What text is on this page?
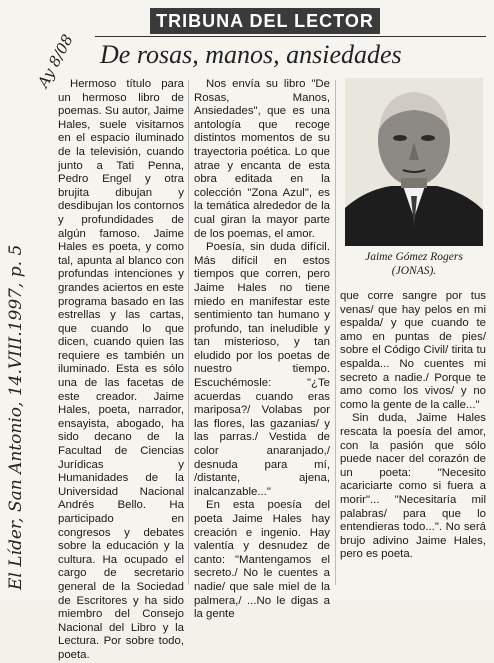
Ay 8/08
El Líder, San Antonio, 14.VIII.1997, p. 5
TRIBUNA DEL LECTOR
De rosas, manos, ansiedades

Hermoso título para un hermoso libro de poemas. Su autor, Jaime Hales, suele visitarnos en el espacio iluminado de la televisión, cuando junto a Tati Penna, Pedro Engel y otra brujita dibujan y desdibujan los contornos y profundidades de algún famoso. Jaime Hales es poeta, y como tal, apunta al blanco con profundas intenciones y grandes aciertos en este programa basado en las estrellas y las cartas, que cuando lo que dicen, cuando quien las requiere es también un iluminado. Esta es sólo una de las facetas de este creador. Jaime Hales, poeta, narrador, ensayista, abogado, ha sido decano de la Facultad de Ciencias Jurídicas y Humanidades de la Universidad Nacional Andrés Bello. Ha participado en congresos y debates sobre la educación y la cultura. Ha ocupado el cargo de secretario general de la Sociedad de Escritores y ha sido miembro del Consejo Nacional del Libro y la Lectura. Por sobre todo, poeta.

Nos envía su libro "De Rosas, Manos, Ansiedades", que es una antología que recoge distintos momentos de su trayectoria poética. Lo que atrae y encanta de esta obra editada en la colección "Zona Azul", es la temática alrededor de la cual giran la mayor parte de los poemas, el amor.

Poesía, sin duda difícil. Más difícil en estos tiempos que corren, pero Jaime Hales no tiene miedo en manifestar este sentimiento tan humano y profundo, tan ineludible y tan misterioso, y tan eludido por los poetas de nuestro tiempo. Escuchémosle: "¿Te acuerdas cuando eras mariposa?/ Volabas por las flores, las gazanias/ y las parras./ Vestida de color anaranjado,/ desnuda para mí, /distante, ajena, inalcanzable..."

En esta poesía del poeta Jaime Hales hay creación e ingenio. Hay valentía y desnudez de canto: "Mantengamos el secreto./ No le cuentes a nadie/ que sale miel de la palmera,/ ...No le digas a la gente

Jaime Gómez Rogers
(JONAS).

que corre sangre por tus venas/ que hay pelos en mi espalda/ y que cuando te amo en puntas de pies/ sobre el Código Civil/ tirita tu espalda... No cuentes mi secreto a nadie./ Porque te amo como los vivos/ y no como la gente de la calle..."

Sin duda, Jaime Hales rescata la poesía del amor, con la pasión que sólo puede nacer del corazón de un poeta: "Necesito acariciarte como si fuera a morir"... "Necesitaría mil palabras/ para que lo entendieras todo...". No será brujo adivino Jaime Hales, pero es poeta.
